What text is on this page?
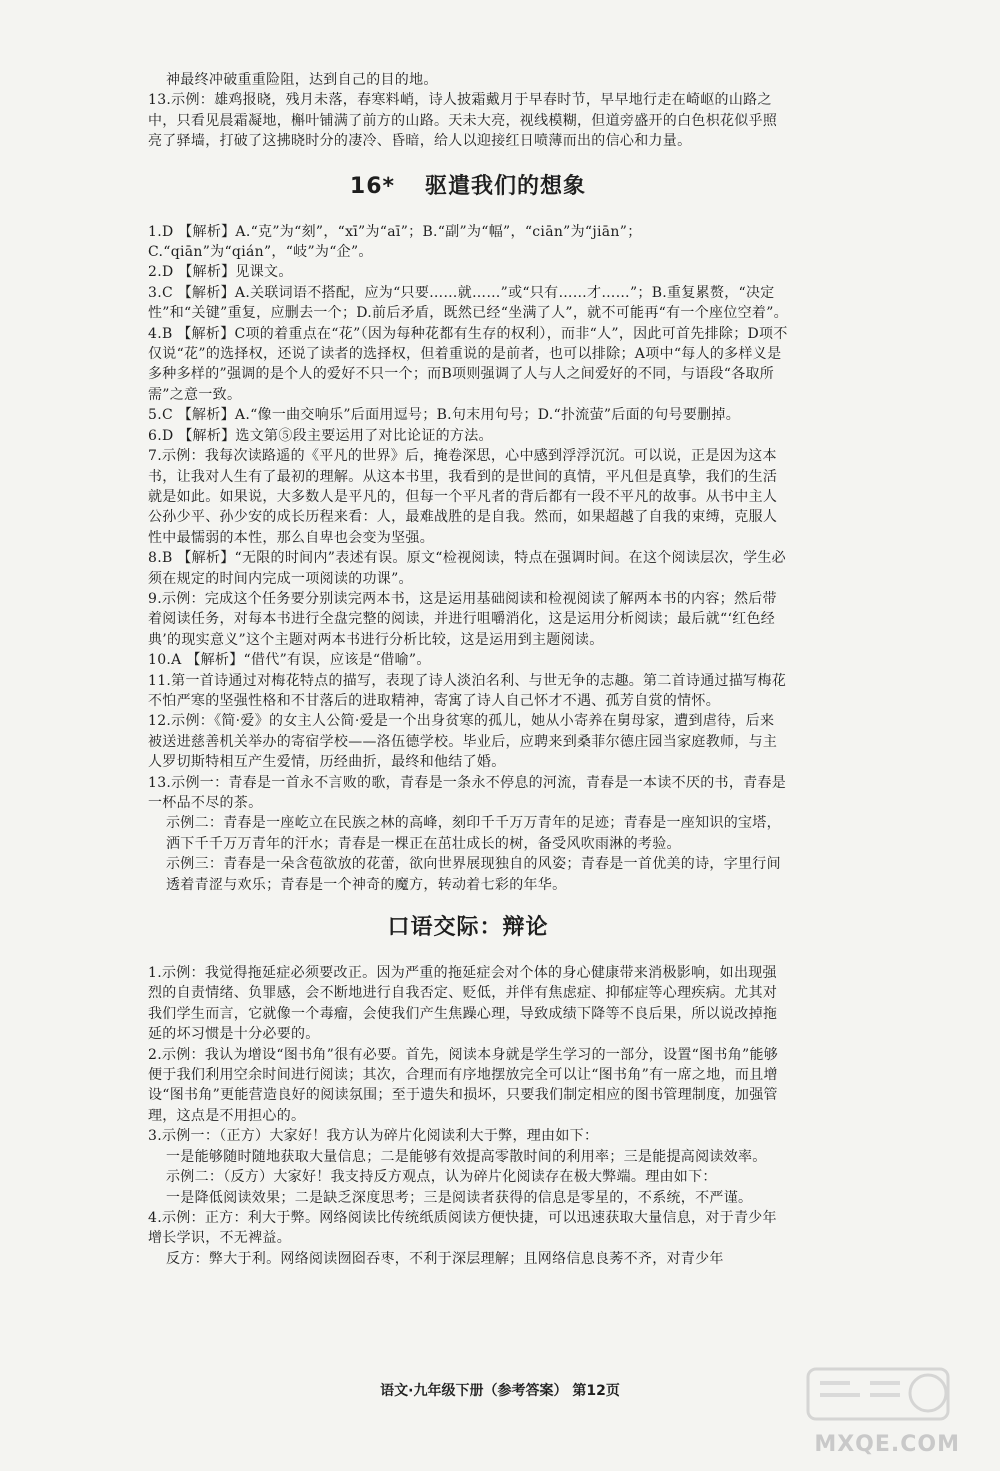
神最终冲破重重险阻，达到自己的目的地。

13.示例：雄鸡报晓，残月未落，春寒料峭，诗人披霜戴月于早春时节，早早地行走在崎岖的山路之中，只看见晨霜凝地，槲叶铺满了前方的山路。天未大亮，视线模糊，但道旁盛开的白色枳花似乎照亮了驿墙，打破了这拂晓时分的凄冷、昏暗，给人以迎接红日喷薄而出的信心和力量。

16* 驱遣我们的想象

1.D 【解析】A.“克”为“刻”，“xī”为“aī”；B.“副”为“幅”，“ciān”为“jiān”；C.“qiān”为“qián”，“岐”为“企”。

2.D 【解析】见课文。

3.C 【解析】A.关联词语不搭配，应为“只要……就……”或“只有……才……”；B.重复累赘，“决定性”和“关键”重复，应删去一个；D.前后矛盾，既然已经“坐满了人”，就不可能再“有一个座位空着”。

4.B 【解析】C项的着重点在“花”（因为每种花都有生存的权利），而非“人”，因此可首先排除；D项不仅说“花”的选择权，还说了读者的选择权，但着重说的是前者，也可以排除；A项中“每人的多样义是多种多样的”强调的是个人的爱好不只一个；而B项则强调了人与人之间爱好的不同，与语段“各取所需”之意一致。

5.C 【解析】A.“像一曲交响乐”后面用逗号；B.句末用句号；D.“扑流萤”后面的句号要删掉。

6.D 【解析】选文第⑤段主要运用了对比论证的方法。

7.示例：我每次读路遥的《平凡的世界》后，掩卷深思，心中感到浮浮沉沉。可以说，正是因为这本书，让我对人生有了最初的理解。从这本书里，我看到的是世间的真情，平凡但是真挚，我们的生活就是如此。如果说，大多数人是平凡的，但每一个平凡者的背后都有一段不平凡的故事。从书中主人公孙少平、孙少安的成长历程来看：人，最难战胜的是自我。然而，如果超越了自我的束缚，克服人性中最懦弱的本性，那么自卑也会变为坚强。

8.B 【解析】“无限的时间内”表述有误。原文“检视阅读，特点在强调时间。在这个阅读层次，学生必须在规定的时间内完成一项阅读的功课”。

9.示例：完成这个任务要分别读完两本书，这是运用基础阅读和检视阅读了解两本书的内容；然后带着阅读任务，对每本书进行全盘完整的阅读，并进行咀嚼消化，这是运用分析阅读；最后就“‘红色经典’的现实意义”这个主题对两本书进行分析比较，这是运用到主题阅读。

10.A 【解析】“借代”有误，应该是“借喻”。

11.第一首诗通过对梅花特点的描写，表现了诗人淡泊名利、与世无争的志趣。第二首诗通过描写梅花不怕严寒的坚强性格和不甘落后的进取精神，寄寓了诗人自己怀才不遇、孤芳自赏的情怀。

12.示例：《简·爱》的女主人公简·爱是一个出身贫寒的孤儿，她从小寄养在舅母家，遭到虐待，后来被送进慈善机关举办的寄宿学校——洛伍德学校。毕业后，应聘来到桑菲尔德庄园当家庭教师，与主人罗切斯特相互产生爱情，历经曲折，最终和他结了婚。

13.示例一：青春是一首永不言败的歌，青春是一条永不停息的河流，青春是一本读不厌的书，青春是一杯品不尽的茶。

示例二：青春是一座屹立在民族之林的高峰，刻印千千万万青年的足迹；青春是一座知识的宝塔，洒下千千万万青年的汗水；青春是一棵正在茁壮成长的树，备受风吹雨淋的考验。

示例三：青春是一朵含苞欲放的花蕾，欲向世界展现独自的风姿；青春是一首优美的诗，字里行间透着青涩与欢乐；青春是一个神奇的魔方，转动着七彩的年华。

口语交际：辩论

1.示例：我觉得拖延症必须要改正。因为严重的拖延症会对个体的身心健康带来消极影响，如出现强烈的自责情绪、负罪感，会不断地进行自我否定、贬低，并伴有焦虑症、抑郁症等心理疾病。尤其对我们学生而言，它就像一个毒瘤，会使我们产生焦躁心理，导致成绩下降等不良后果，所以说改掉拖延的坏习惯是十分必要的。

2.示例：我认为增设“图书角”很有必要。首先，阅读本身就是学生学习的一部分，设置“图书角”能够便于我们利用空余时间进行阅读；其次，合理而有序地摆放完全可以让“图书角”有一席之地，而且增设“图书角”更能营造良好的阅读氛围；至于遗失和损坏，只要我们制定相应的图书管理制度，加强管理，这点是不用担心的。

3.示例一：（正方）大家好！我方认为碎片化阅读利大于弊，理由如下：

一是能够随时随地获取大量信息；二是能够有效提高零散时间的利用率；三是能提高阅读效率。

示例二：（反方）大家好！我支持反方观点，认为碎片化阅读存在极大弊端。理由如下：

一是降低阅读效果；二是缺乏深度思考；三是阅读者获得的信息是零星的，不系统，不严谨。

4.示例：正方：利大于弊。网络阅读比传统纸质阅读方便快捷，可以迅速获取大量信息，对于青少年增长学识，不无裨益。

反方：弊大于利。网络阅读囫囵吞枣，不利于深层理解；且网络信息良莠不齐，对青少年

语文·九年级下册（参考答案） 第12页
MXQE.COM
